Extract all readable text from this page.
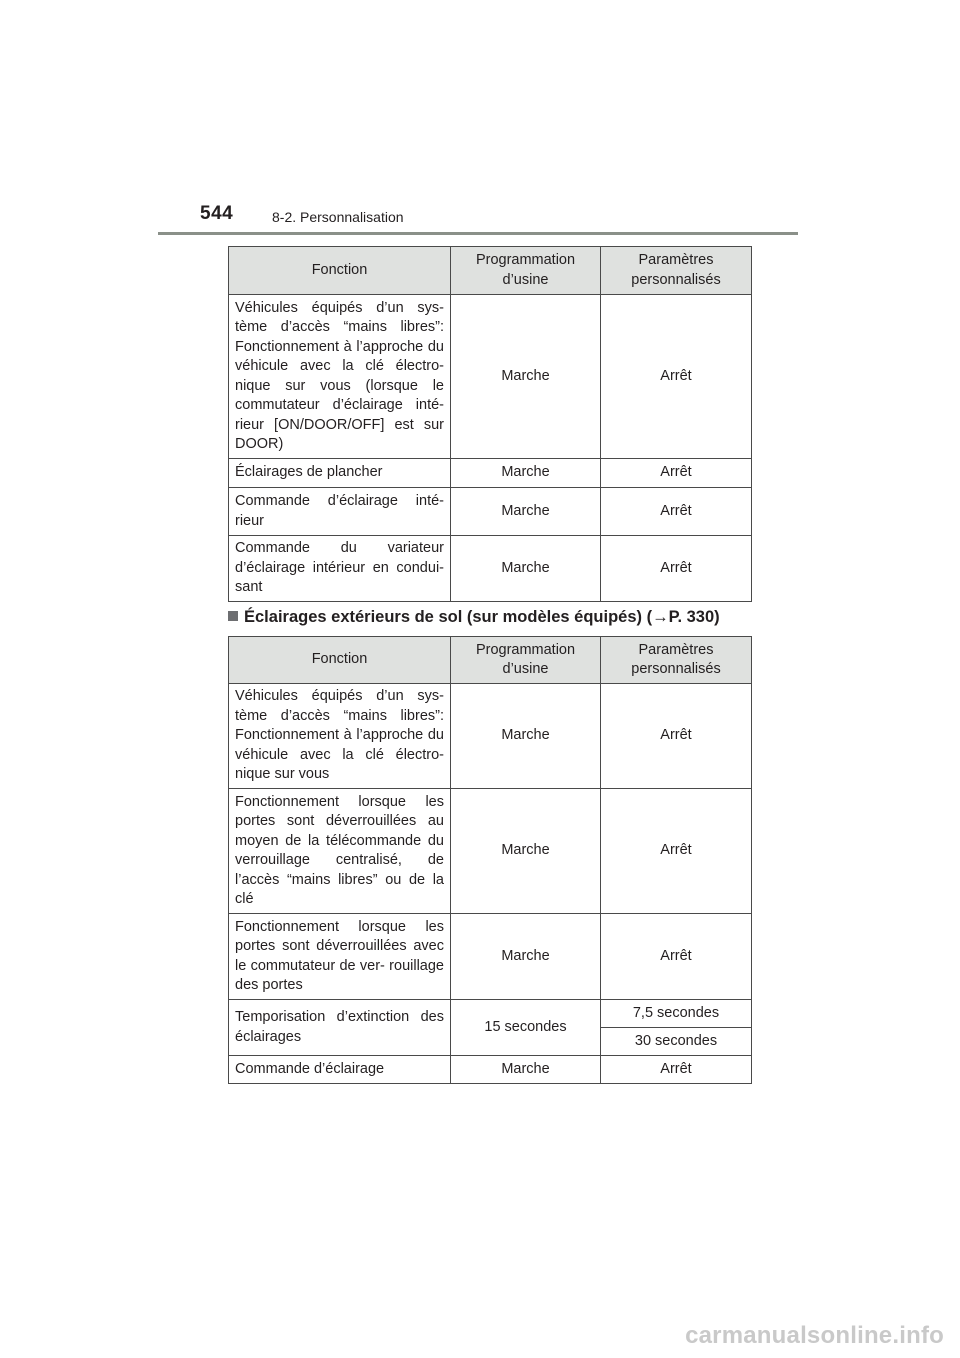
544	8-2. Personnalisation
Fonction	Programmation d’usine	Paramètres personnalisés
Véhicules équipés d’un sys- tème d’accès “mains libres”: Fonctionnement à l’approche du véhicule avec la clé électro- nique sur vous (lorsque le commutateur d’éclairage inté- rieur [ON/DOOR/OFF] est sur DOOR)	Marche	Arrêt
Éclairages de plancher	Marche	Arrêt
Commande d’éclairage inté- rieur	Marche	Arrêt
Commande du variateur d’éclairage intérieur en condui- sant	Marche	Arrêt
Éclairages extérieurs de sol (sur modèles équipés) (→P. 330)
Fonction	Programmation d’usine	Paramètres personnalisés
Véhicules équipés d’un sys- tème d’accès “mains libres”: Fonctionnement à l’approche du véhicule avec la clé électro- nique sur vous	Marche	Arrêt
Fonctionnement lorsque les portes sont déverrouillées au moyen de la télécommande du verrouillage centralisé, de l’accès “mains libres” ou de la clé	Marche	Arrêt
Fonctionnement lorsque les portes sont déverrouillées avec le commutateur de ver- rouillage des portes	Marche	Arrêt
Temporisation d’extinction des éclairages	15 secondes	7,5 secondes
		30 secondes
Commande d’éclairage	Marche	Arrêt
carmanualsonline.info
